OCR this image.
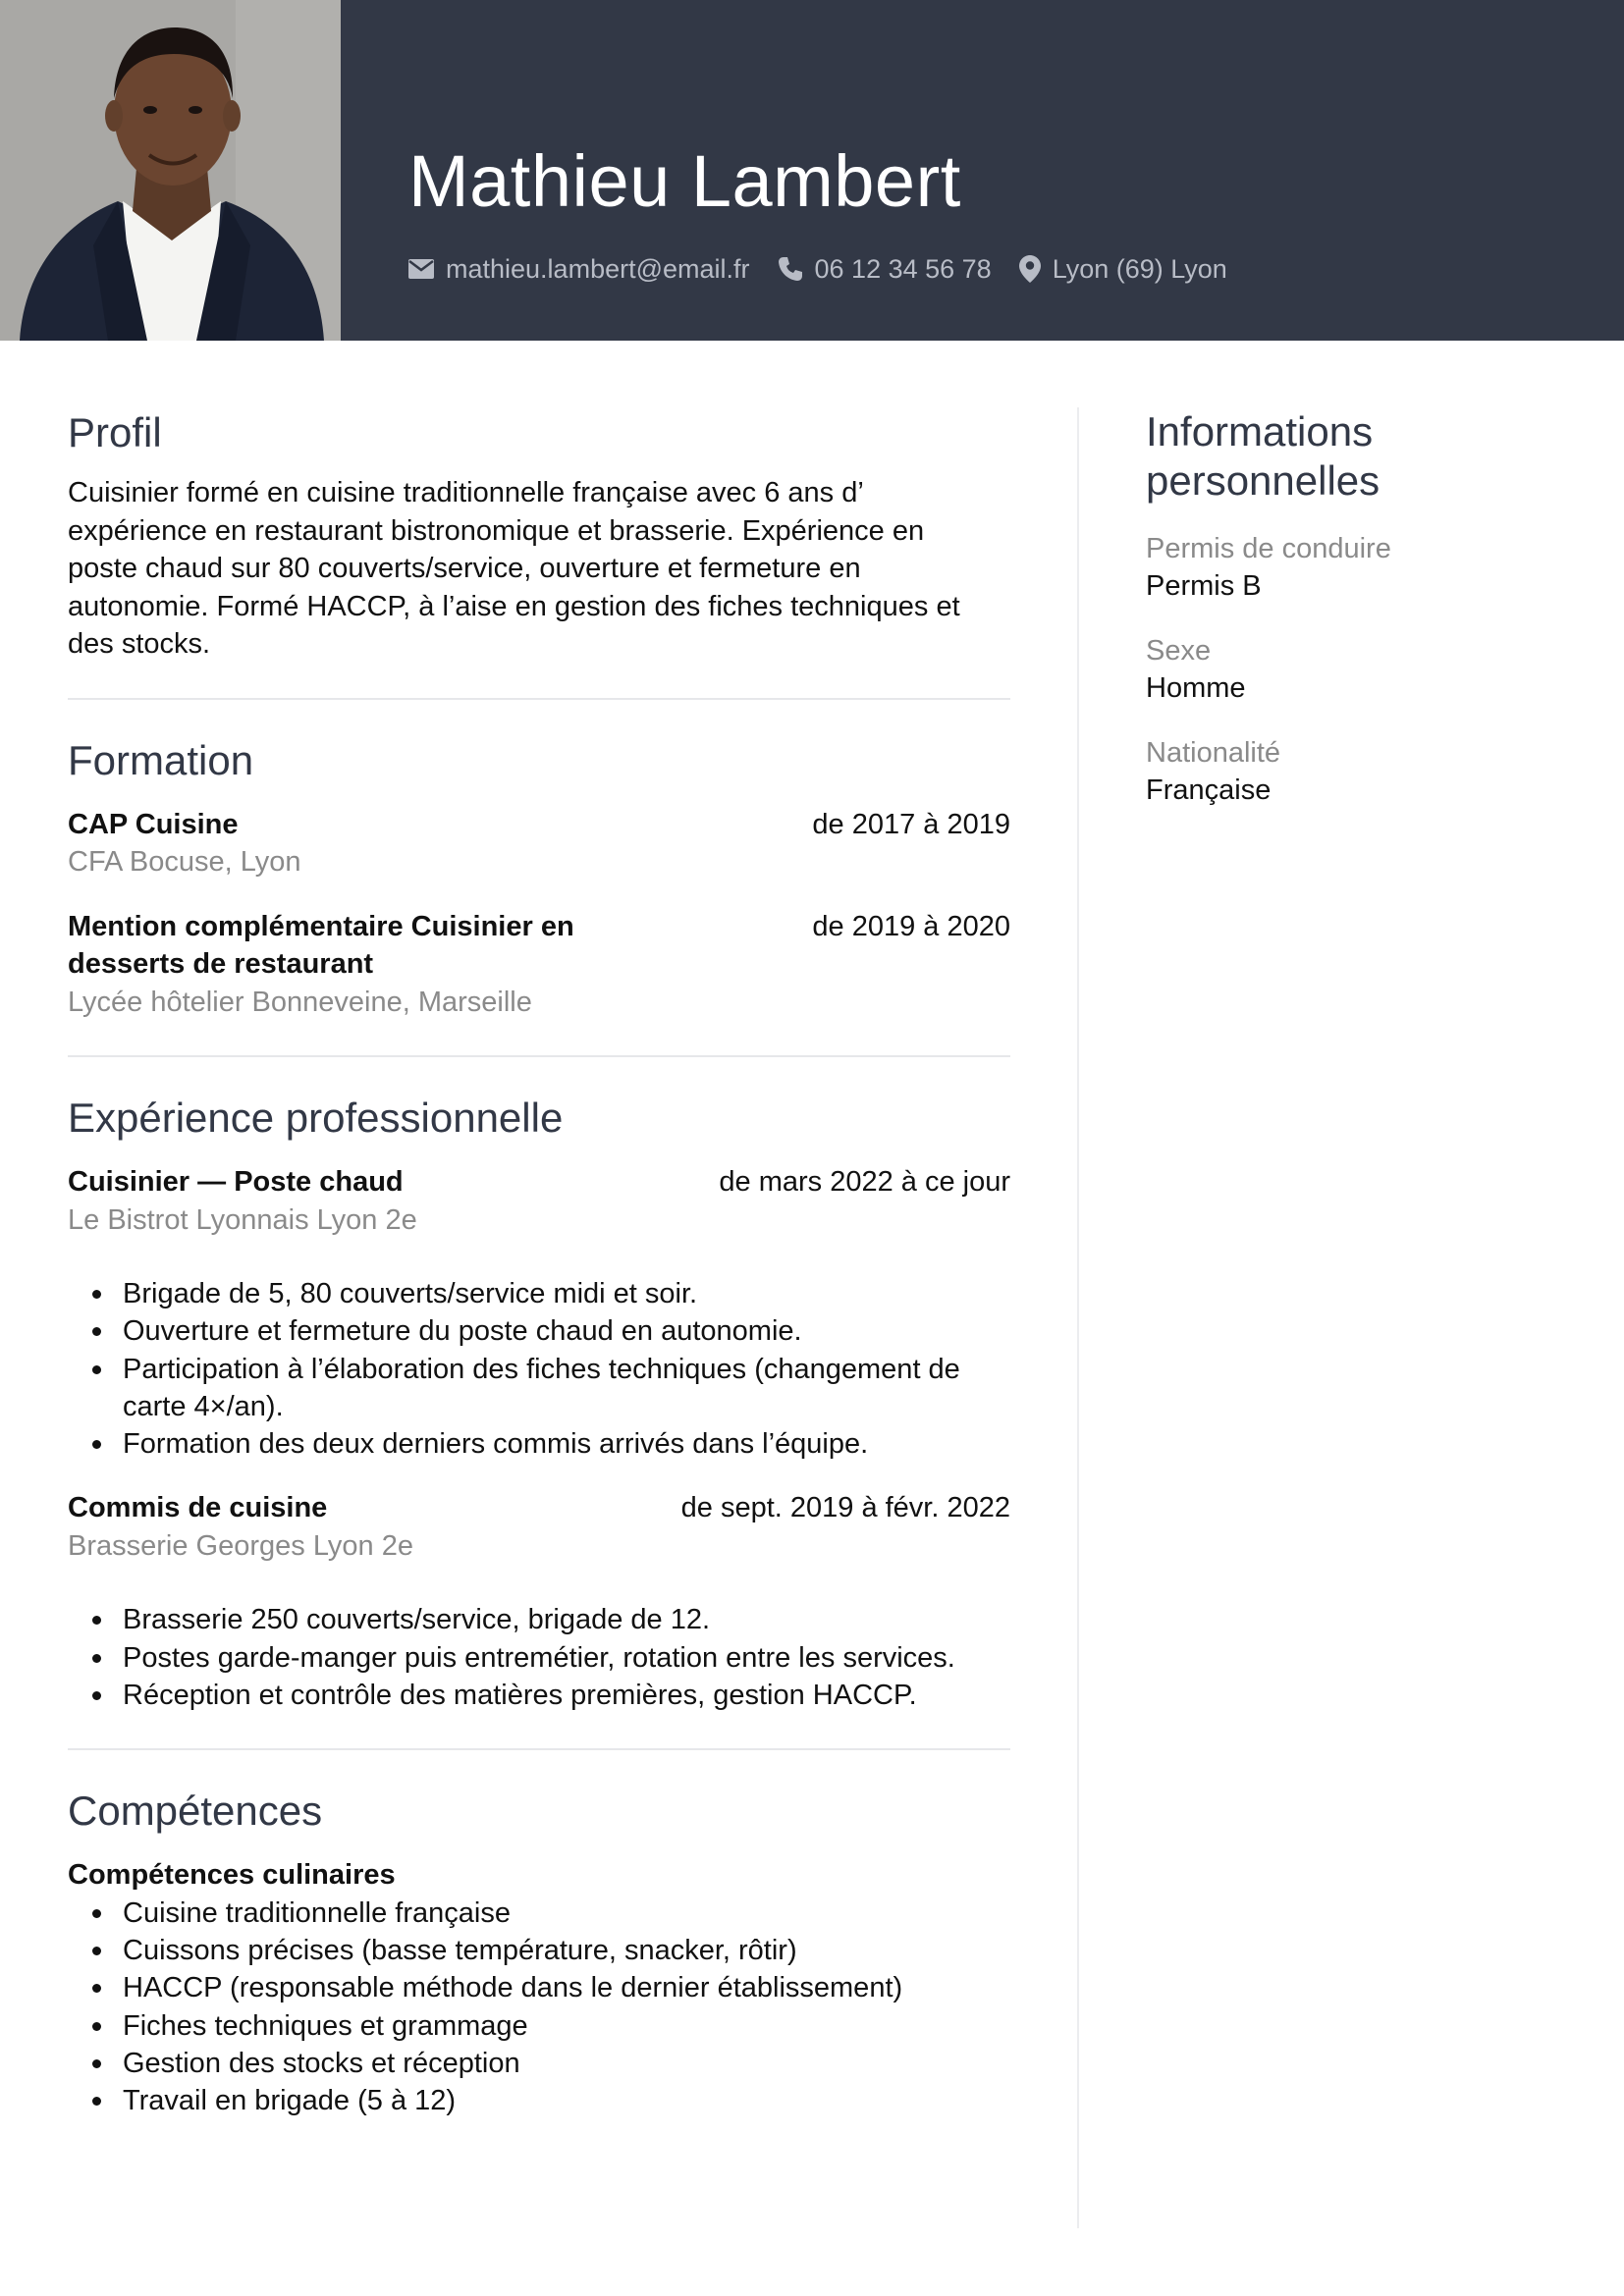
Mathieu Lambert
mathieu.lambert@email.fr 06 12 34 56 78 Lyon (69) Lyon
Profil
Cuisinier formé en cuisine traditionnelle française avec 6 ans d’
expérience en restaurant bistronomique et brasserie. Expérience en
poste chaud sur 80 couverts/service, ouverture et fermeture en
autonomie. Formé HACCP, à l’aise en gestion des fiches techniques et
des stocks.
Formation
CAP Cuisine	de 2017 à 2019
CFA Bocuse, Lyon
Mention complémentaire Cuisinier en desserts de restaurant
de 2019 à 2020
Lycée hôtelier Bonneveine, Marseille
Expérience professionnelle
Cuisinier — Poste chaud	de mars 2022 à ce jour
Le Bistrot Lyonnais Lyon 2e
Brigade de 5, 80 couverts/service midi et soir.
Ouverture et fermeture du poste chaud en autonomie.
Participation à l’élaboration des fiches techniques (changement de carte 4×/an).
Formation des deux derniers commis arrivés dans l’équipe.
Commis de cuisine	de sept. 2019 à févr. 2022
Brasserie Georges Lyon 2e
Brasserie 250 couverts/service, brigade de 12.
Postes garde-manger puis entremétier, rotation entre les services.
Réception et contrôle des matières premières, gestion HACCP.
Compétences
Compétences culinaires
Cuisine traditionnelle française
Cuissons précises (basse température, snacker, rôtir)
HACCP (responsable méthode dans le dernier établissement)
Fiches techniques et grammage
Gestion des stocks et réception
Travail en brigade (5 à 12)
Informations
personnelles
Permis de conduire
Permis B
Sexe
Homme
Nationalité
Française
